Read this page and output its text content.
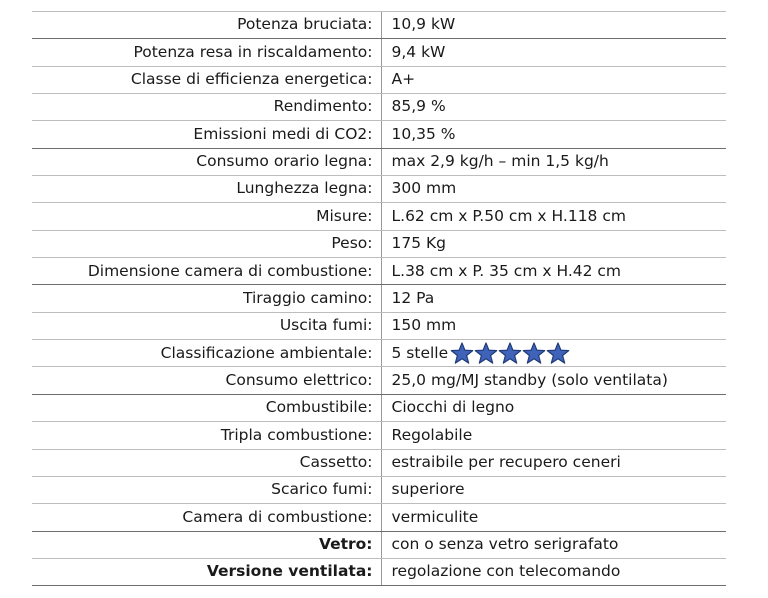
Potenza bruciata:	10,9 kW
Potenza resa in riscaldamento:	9,4 kW
Classe di efficienza energetica:	A+
Rendimento:	85,9 %
Emissioni medi di CO2:	10,35 %
Consumo orario legna:	max 2,9 kg/h – min 1,5 kg/h
Lunghezza legna:	300 mm
Misure:	L.62 cm x P.50 cm x H.118 cm
Peso:	175 Kg
Dimensione camera di combustione:	L.38 cm x P. 35 cm x H.42 cm
Tiraggio camino:	12 Pa
Uscita fumi:	150 mm
Classificazione ambientale:	5 stelle

Consumo elettrico:	25,0 mg/MJ standby (solo ventilata)
Combustibile:	Ciocchi di legno
Tripla combustione:	Regolabile
Cassetto:	estraibile per recupero ceneri
Scarico fumi:	superiore
Camera di combustione:	vermiculite
Vetro:	con o senza vetro serigrafato
Versione ventilata:	regolazione con telecomando
